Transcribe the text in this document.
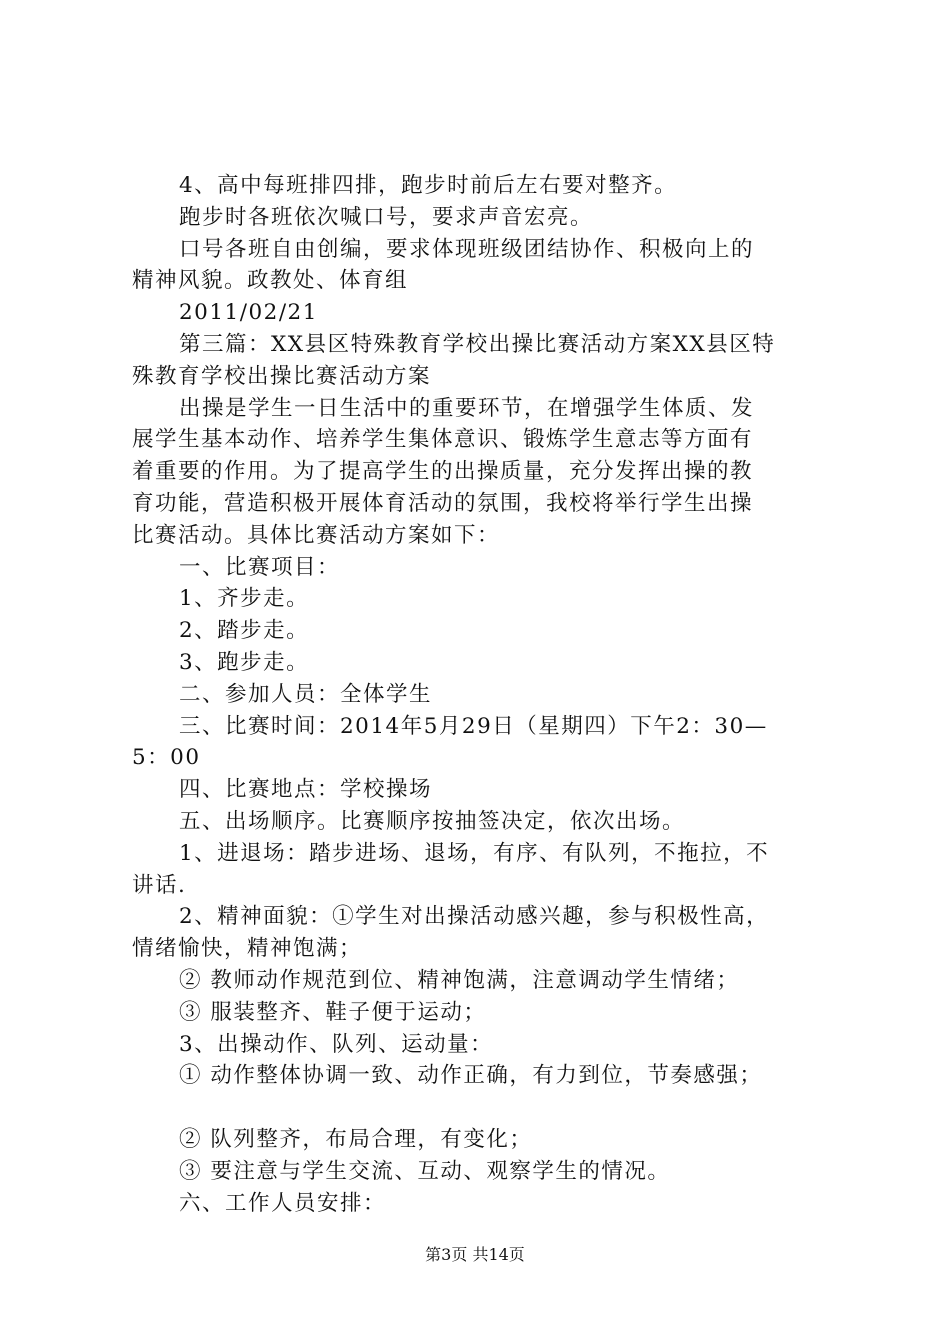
4、高中每班排四排，跑步时前后左右要对整齐。
跑步时各班依次喊口号，要求声音宏亮。
口号各班自由创编，要求体现班级团结协作、积极向上的
精神风貌。政教处、体育组
2011/02/21
第三篇：XX县区特殊教育学校出操比赛活动方案XX县区特
殊教育学校出操比赛活动方案
出操是学生一日生活中的重要环节，在增强学生体质、发
展学生基本动作、培养学生集体意识、锻炼学生意志等方面有
着重要的作用。为了提高学生的出操质量，充分发挥出操的教
育功能，营造积极开展体育活动的氛围，我校将举行学生出操
比赛活动。具体比赛活动方案如下：
一、比赛项目：
1、齐步走。
2、踏步走。
3、跑步走。
二、参加人员：全体学生
三、比赛时间：2014年5月29日（星期四）下午2：30—
5：00
四、比赛地点：学校操场
五、出场顺序。比赛顺序按抽签决定，依次出场。
1、进退场：踏步进场、退场，有序、有队列，不拖拉，不
讲话.
2、精神面貌：①学生对出操活动感兴趣，参与积极性高，
情绪愉快，精神饱满；
② 教师动作规范到位、精神饱满，注意调动学生情绪；
③ 服装整齐、鞋子便于运动；
3、出操动作、队列、运动量：
① 动作整体协调一致、动作正确，有力到位，节奏感强；
② 队列整齐，布局合理，有变化；
③ 要注意与学生交流、互动、观察学生的情况。
六、工作人员安排：
第3页 共14页
